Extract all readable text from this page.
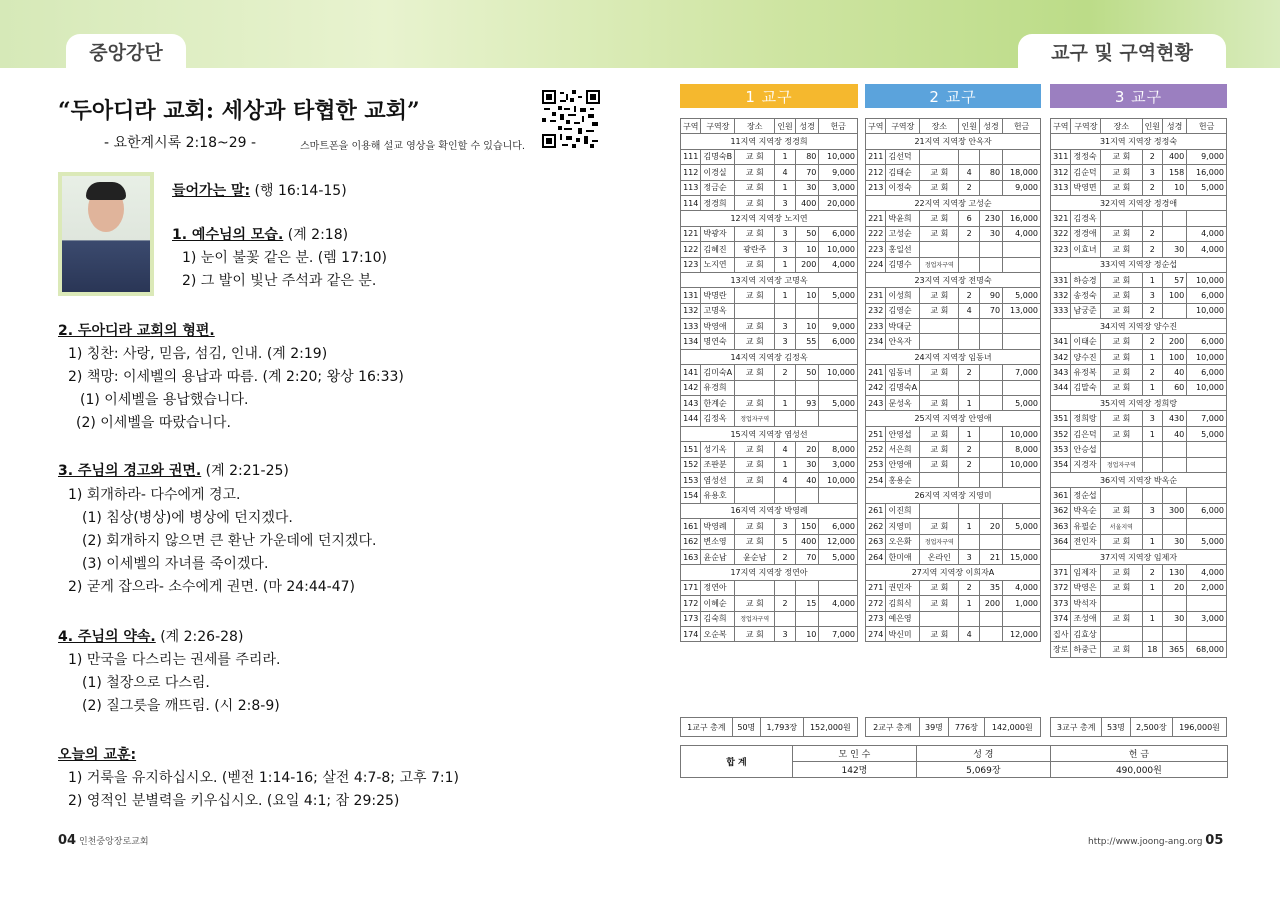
중앙강단	교구 및 구역현황
“두아디라 교회: 세상과 타협한 교회”
- 요한계시록 2:18~29 -	스마트폰을 이용해 설교 영상을 확인할 수 있습니다.
들어가는 말: (행 16:14-15)
1. 예수님의 모습. (계 2:18)
1) 눈이 불꽃 같은 분. (렘 17:10)
2) 그 발이 빛난 주석과 같은 분.
2. 두아디라 교회의 형편.
1) 칭찬: 사랑, 믿음, 섬김, 인내. (계 2:19)
2) 책망: 이세벨의 용납과 따름. (계 2:20; 왕상 16:33)
(1) 이세벨을 용납했습니다.
(2) 이세벨을 따랐습니다.
3. 주님의 경고와 권면. (계 2:21-25)
1) 회개하라- 다수에게 경고.
(1) 침상(병상)에 병상에 던지겠다.
(2) 회개하지 않으면 큰 환난 가운데에 던지겠다.
(3) 이세벨의 자녀를 죽이겠다.
2) 굳게 잡으라- 소수에게 권면. (마 24:44-47)
4. 주님의 약속. (계 2:26-28)
1) 만국을 다스리는 권세를 주리라.
(1) 철장으로 다스림.
(2) 질그릇을 깨뜨림. (시 2:8-9)
오늘의 교훈:
1) 거룩을 유지하십시오. (벧전 1:14-16; 살전 4:7-8; 고후 7:1)
2) 영적인 분별력을 키우십시오. (요일 4:1; 잠 29:25)
04 인천중앙장로교회	http://www.joong-ang.org 05
1 교구	2 교구	3 교구
구역	구역장	장소	인원	성경	헌금
11지역 지역장 정경희					
111	김명숙B	교 회	1	80	10,000
112	이경실	교 회	4	70	9,000
113	정금순	교 회	1	30	3,000
114	정경희	교 회	3	400	20,000
12지역 지역장 노지연					
121	박광자	교 회	3	50	6,000
122	김혜진	광란주	3	10	10,000
123	노지연	교 회	1	200	4,000
13지역 지역장 고명옥					
131	박명란	교 회	1	10	5,000
132	고명옥				
133	박영애	교 회	3	10	9,000
134	명연숙	교 회	3	55	6,000
14지역 지역장 김정옥					
141	김미숙A	교 회	2	50	10,000
142	유경희				
143	한계순	교 회	1	93	5,000
144	김정옥	정업자구역			
15지역 지역장 염성선					
151	성기옥	교 회	4	20	8,000
152	조판분	교 회	1	30	3,000
153	염성선	교 회	4	40	10,000
154	유용호				
16지역 지역장 박영례					
161	박영례	교 회	3	150	6,000
162	변소영	교 회	5	400	12,000
163	윤순남	윤순남	2	70	5,000
17지역 지역장 정연아					
171	정연아				
172	이혜순	교 회	2	15	4,000
173	김숙희	정업자구역			
174	오순복	교 회	3	10	7,000
구역	구역장	장소	인원	성경	헌금
21지역 지역장 안옥자					
211	김선덕				
212	김태순	교 회	4	80	18,000
213	이정숙	교 회	2		9,000
22지역 지역장 고성순					
221	박윤희	교 회	6	230	16,000
222	고성순	교 회	2	30	4,000
223	홍일선				
224	김명수	정업자구역			
23지역 지역장 전명숙					
231	이성희	교 회	2	90	5,000
232	김영순	교 회	4	70	13,000
233	박대군				
234	안옥자				
24지역 지역장 임동녀					
241	임동녀	교 회	2		7,000
242	김명숙A				
243	문성옥	교 회	1		5,000
25지역 지역장 안영애					
251	안영섭	교 회	1		10,000
252	서은희	교 회	2		8,000
253	안영애	교 회	2		10,000
254	홍용순				
26지역 지역장 지영미					
261	이진희				
262	지영미	교 회	1	20	5,000
263	오은화	정업자구역			
264	한미애	온라인	3	21	15,000
27지역 지역장 이희자A					
271	권민자	교 회	2	35	4,000
272	김희식	교 회	1	200	1,000
273	예은영				
274	박신미	교 회	4		12,000
구역	구역장	장소	인원	성경	헌금
31지역 지역장 정정숙					
311	정정숙	교 회	2	400	9,000
312	김순덕	교 회	3	158	16,000
313	박영면	교 회	2	10	5,000
32지역 지역장 정경애					
321	김경옥				
322	정경애	교 회	2		4,000
323	이효녀	교 회	2	30	4,000
33지역 지역장 정순섭					
331	하승경	교 회	1	57	10,000
332	송정숙	교 회	3	100	6,000
333	남궁준	교 회	2		10,000
34지역 지역장 양수진					
341	이태순	교 회	2	200	6,000
342	양수진	교 회	1	100	10,000
343	유정복	교 회	2	40	6,000
344	김말숙	교 회	1	60	10,000
35지역 지역장 정희랑					
351	정희랑	교 회	3	430	7,000
352	김은덕	교 회	1	40	5,000
353	안승섭				
354	지경자	정업자구역			
36지역 지역장 박옥순					
361	정순섭				
362	박옥순	교 회	3	300	6,000
363	유필순	서울지역			
364	전인자	교 회	1	30	5,000
37지역 지역장 임제자					
371	임제자	교 회	2	130	4,000
372	박영은	교 회	1	20	2,000
373	박석자				
374	조성애	교 회	1	30	3,000
집사	김효상				
장로	하중근	교 회	18	365	68,000
1교구 총계	50명	1,793장	152,000원	2교구 총계	39명	776장	142,000원	3교구 총계	53명	2,500장	196,000원
합 계	모 인 수	성 경	헌 금
	142명	5,069장	490,000원
